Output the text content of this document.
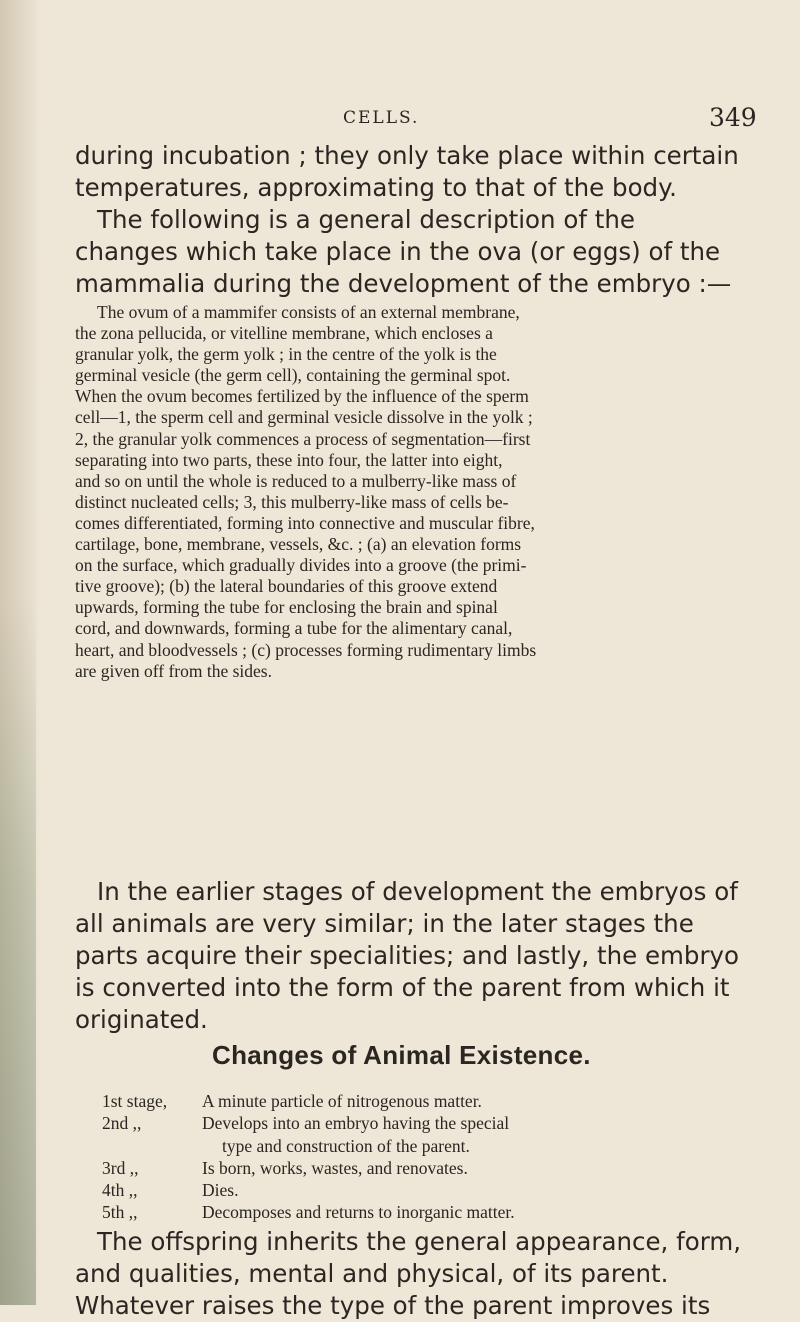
CELLS.	349
during incubation ; they only take place within certain
temperatures, approximating to that of the body.
The following is a general description of the
changes which take place in the ova (or eggs) of the
mammalia during the development of the embryo :—
The ovum of a mammifer consists of an external membrane,
the zona pellucida, or vitelline membrane, which encloses a
granular yolk, the germ yolk ; in the centre of the yolk is the
germinal vesicle (the germ cell), containing the germinal spot.
When the ovum becomes fertilized by the influence of the sperm
cell—1, the sperm cell and germinal vesicle dissolve in the yolk ;
2, the granular yolk commences a process of segmentation—first
separating into two parts, these into four, the latter into eight,
and so on until the whole is reduced to a mulberry-like mass of
distinct nucleated cells; 3, this mulberry-like mass of cells be-
comes differentiated, forming into connective and muscular fibre,
cartilage, bone, membrane, vessels, &c. ; (a) an elevation forms
on the surface, which gradually divides into a groove (the primi-
tive groove); (b) the lateral boundaries of this groove extend
upwards, forming the tube for enclosing the brain and spinal
cord, and downwards, forming a tube for the alimentary canal,
heart, and bloodvessels ; (c) processes forming rudimentary limbs
are given off from the sides.
In the earlier stages of development the embryos of
all animals are very similar; in the later stages the
parts acquire their specialities; and lastly, the embryo
is converted into the form of the parent from which it
originated.
Changes of Animal Existence.
1st stage,	A minute particle of nitrogenous matter.
2nd ,,	Develops into an embryo having the special
type and construction of the parent.
3rd ,,	Is born, works, wastes, and renovates.
4th ,,	Dies.
5th ,,	Decomposes and returns to inorganic matter.
The offspring inherits the general appearance, form,
and qualities, mental and physical, of its parent.
Whatever raises the type of the parent improves its
